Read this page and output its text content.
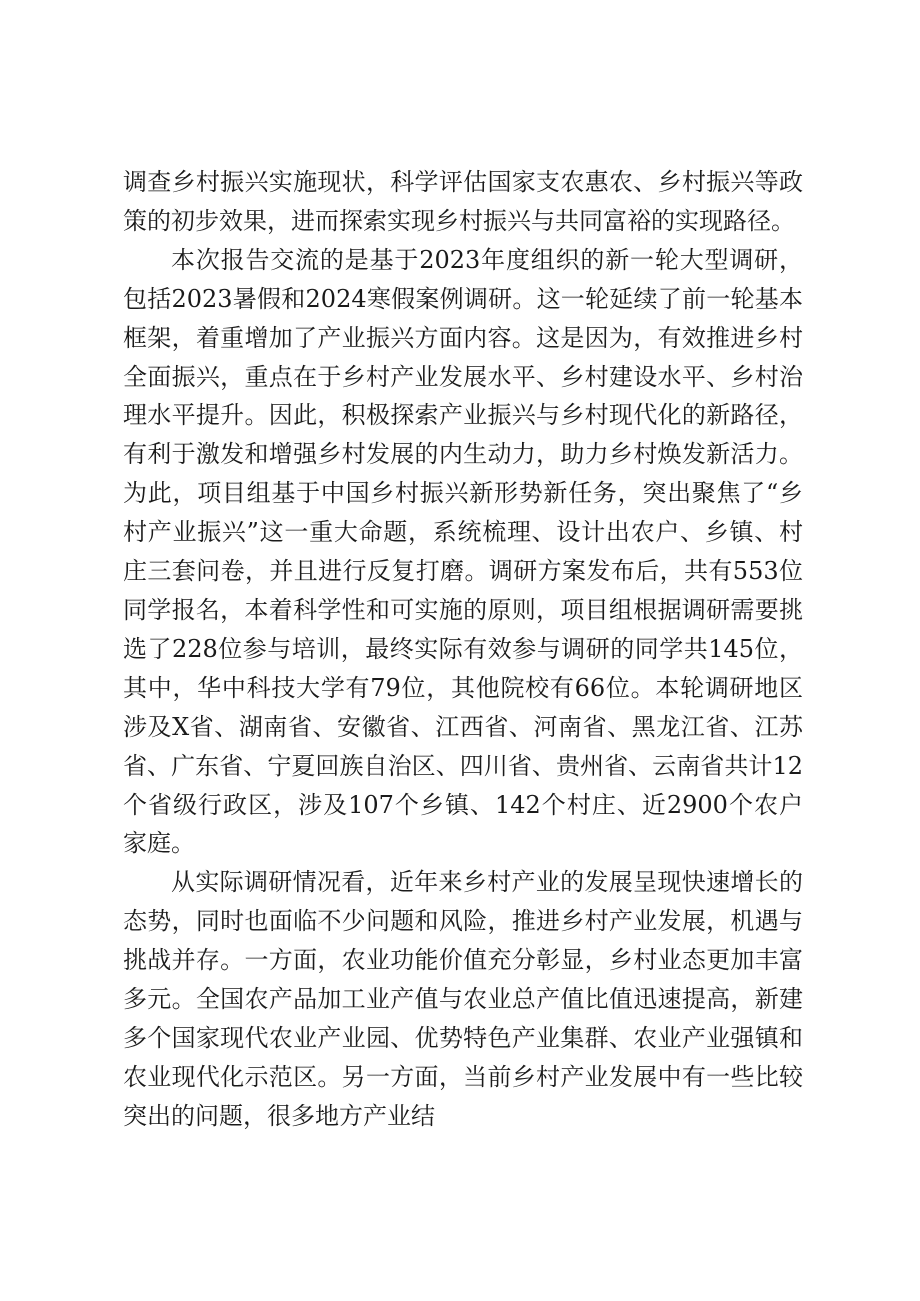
调查乡村振兴实施现状，科学评估国家支农惠农、乡村振兴等政策的初步效果，进而探索实现乡村振兴与共同富裕的实现路径。

本次报告交流的是基于2023年度组织的新一轮大型调研，包括2023暑假和2024寒假案例调研。这一轮延续了前一轮基本框架，着重增加了产业振兴方面内容。这是因为，有效推进乡村全面振兴，重点在于乡村产业发展水平、乡村建设水平、乡村治理水平提升。因此，积极探索产业振兴与乡村现代化的新路径，有利于激发和增强乡村发展的内生动力，助力乡村焕发新活力。为此，项目组基于中国乡村振兴新形势新任务，突出聚焦了“乡村产业振兴”这一重大命题，系统梳理、设计出农户、乡镇、村庄三套问卷，并且进行反复打磨。调研方案发布后，共有553位同学报名，本着科学性和可实施的原则，项目组根据调研需要挑选了228位参与培训，最终实际有效参与调研的同学共145位，其中，华中科技大学有79位，其他院校有66位。本轮调研地区涉及X省、湖南省、安徽省、江西省、河南省、黑龙江省、江苏省、广东省、宁夏回族自治区、四川省、贵州省、云南省共计12个省级行政区，涉及107个乡镇、142个村庄、近2900个农户家庭。

从实际调研情况看，近年来乡村产业的发展呈现快速增长的态势，同时也面临不少问题和风险，推进乡村产业发展，机遇与挑战并存。一方面，农业功能价值充分彰显，乡村业态更加丰富多元。全国农产品加工业产值与农业总产值比值迅速提高，新建多个国家现代农业产业园、优势特色产业集群、农业产业强镇和农业现代化示范区。另一方面，当前乡村产业发展中有一些比较突出的问题，很多地方产业结
